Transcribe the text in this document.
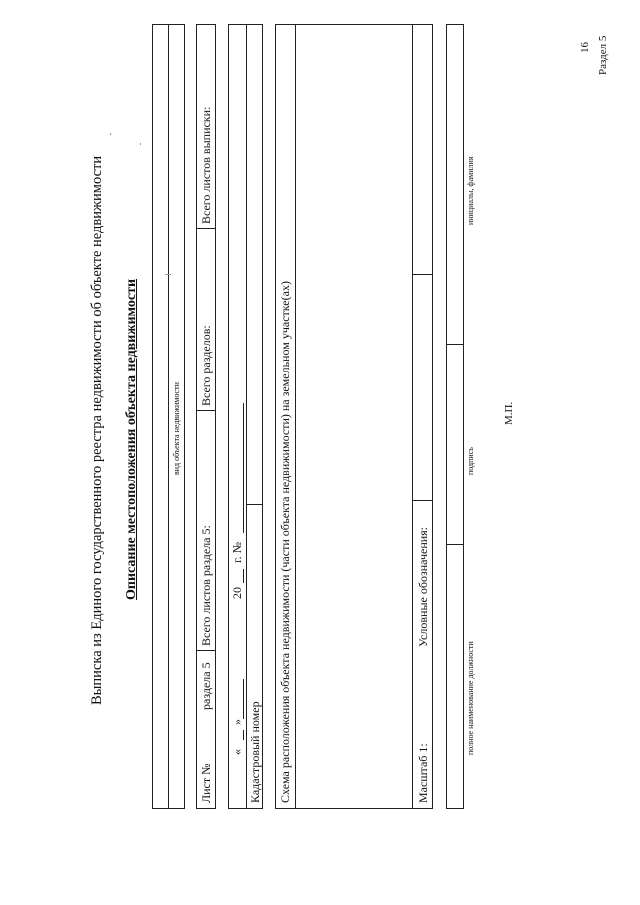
16 Раздел 5
Выписка из Единого государственного реестра недвижимости об объекте недвижимости Описание местоположения объекта недвижимости	вид объекта недвижимости
Лист №
раздела 5
Всего листов раздела 5:
Всего разделов:
Всего листов выписки:
«
»
20
г. №
Кадастровый номер Схема расположения объекта недвижимости (части объекта недвижимости) на земельном участке(ах)	Масштаб 1:
Условные обозначения:
полное наименование должности
подпись
инициалы, фамилия
М.П.
